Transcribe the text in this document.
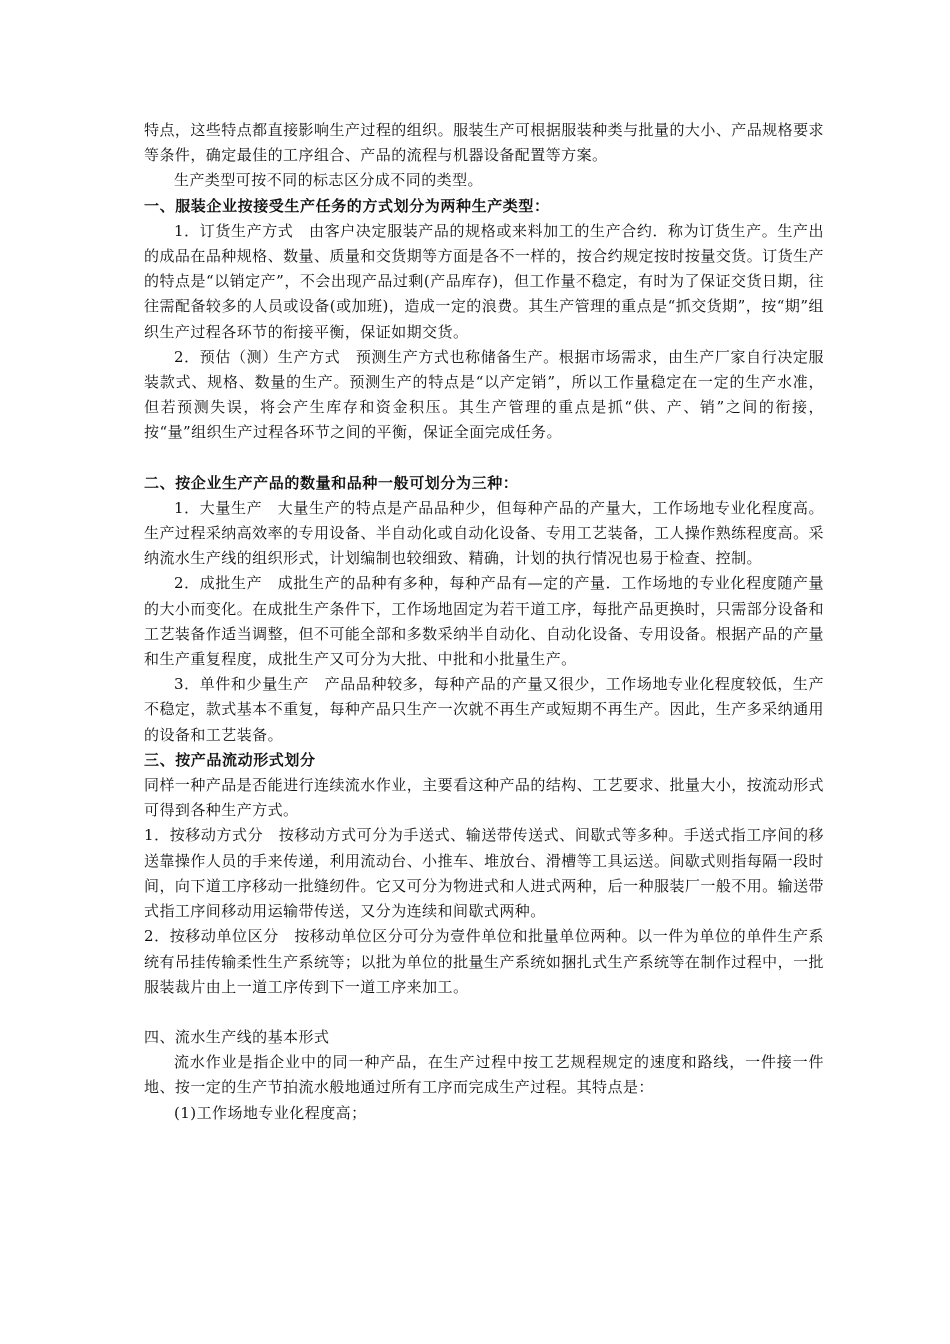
特点，这些特点都直接影响生产过程的组织。服装生产可根据服装种类与批量的大小、产品规格要求等条件，确定最佳的工序组合、产品的流程与机器设备配置等方案。

生产类型可按不同的标志区分成不同的类型。

一、服装企业按接受生产任务的方式划分为两种生产类型：

1．订货生产方式　由客户决定服装产品的规格或来料加工的生产合约．称为订货生产。生产出的成品在品种规格、数量、质量和交货期等方面是各不一样的，按合约规定按时按量交货。订货生产的特点是“以销定产”，不会出现产品过剩(产品库存)，但工作量不稳定，有时为了保证交货日期，往往需配备较多的人员或设备(或加班)，造成一定的浪费。其生产管理的重点是“抓交货期”，按“期”组织生产过程各环节的衔接平衡，保证如期交货。

2．预估（测）生产方式　预测生产方式也称储备生产。根据市场需求，由生产厂家自行决定服装款式、规格、数量的生产。预测生产的特点是“以产定销”，所以工作量稳定在一定的生产水准，但若预测失误，将会产生库存和资金积压。其生产管理的重点是抓“供、产、销”之间的衔接，按“量”组织生产过程各环节之间的平衡，保证全面完成任务。

二、按企业生产产品的数量和品种一般可划分为三种：

1．大量生产　大量生产的特点是产品品种少，但每种产品的产量大，工作场地专业化程度高。生产过程采纳高效率的专用设备、半自动化或自动化设备、专用工艺装备，工人操作熟练程度高。采纳流水生产线的组织形式，计划编制也较细致、精确，计划的执行情况也易于检查、控制。

2．成批生产　成批生产的品种有多种，每种产品有—定的产量．工作场地的专业化程度随产量的大小而变化。在成批生产条件下，工作场地固定为若干道工序，每批产品更换时，只需部分设备和工艺装备作适当调整，但不可能全部和多数采纳半自动化、自动化设备、专用设备。根据产品的产量和生产重复程度，成批生产又可分为大批、中批和小批量生产。

3．单件和少量生产　产品品种较多，每种产品的产量又很少，工作场地专业化程度较低，生产不稳定，款式基本不重复，每种产品只生产一次就不再生产或短期不再生产。因此，生产多采纳通用的设备和工艺装备。

三、按产品流动形式划分

同样一种产品是否能进行连续流水作业，主要看这种产品的结构、工艺要求、批量大小，按流动形式可得到各种生产方式。

1．按移动方式分　按移动方式可分为手送式、输送带传送式、间歇式等多种。手送式指工序间的移送靠操作人员的手来传递，利用流动台、小推车、堆放台、滑槽等工具运送。间歇式则指每隔一段时间，向下道工序移动一批缝纫件。它又可分为物进式和人进式两种，后一种服装厂一般不用。输送带式指工序间移动用运输带传送，又分为连续和间歇式两种。

2．按移动单位区分　按移动单位区分可分为壹件单位和批量单位两种。以一件为单位的单件生产系统有吊挂传输柔性生产系统等；以批为单位的批量生产系统如捆扎式生产系统等在制作过程中，一批服装裁片由上一道工序传到下一道工序来加工。

四、流水生产线的基本形式

流水作业是指企业中的同一种产品，在生产过程中按工艺规程规定的速度和路线，一件接一件地、按一定的生产节拍流水般地通过所有工序而完成生产过程。其特点是：

(1)工作场地专业化程度高；
